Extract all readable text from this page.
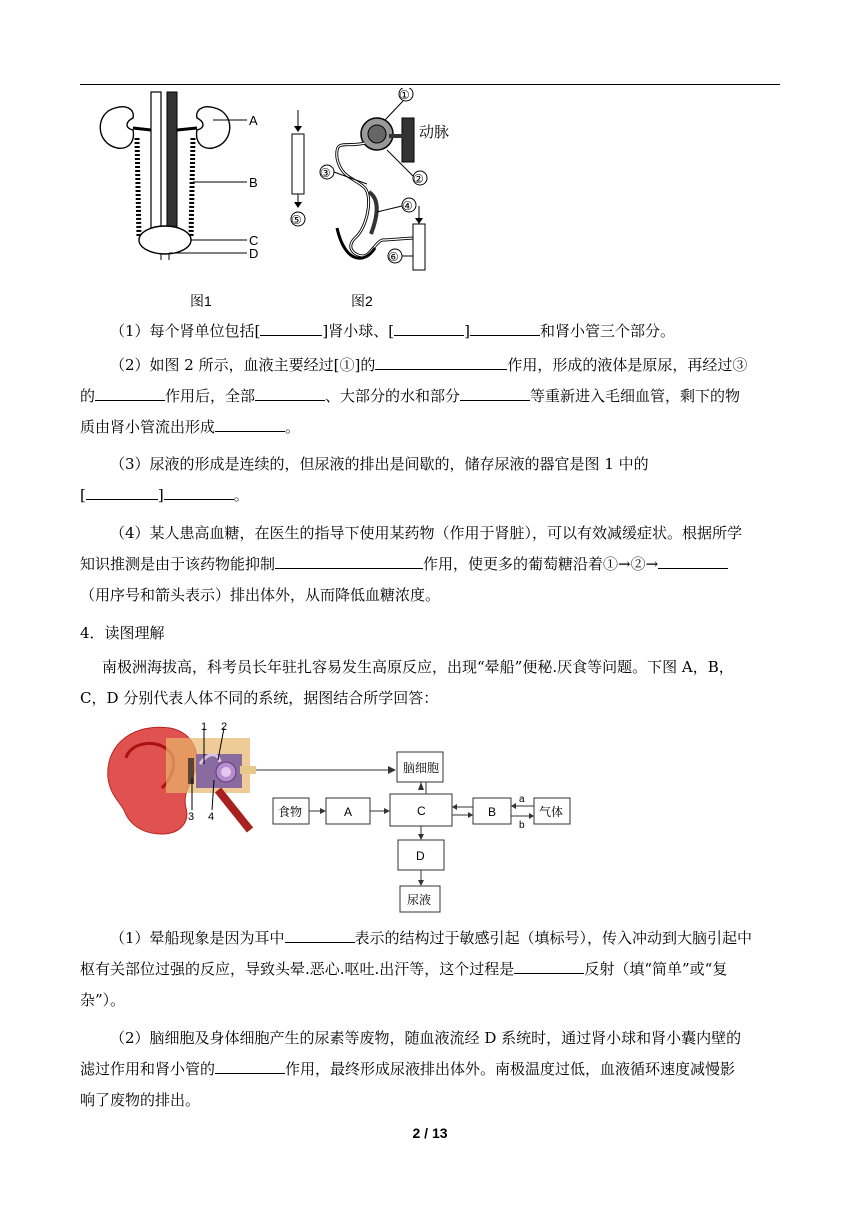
A
B
C
D
图1
⑤
动脉
①
②
③
④
⑥
图2
（1）每个肾单位包括[	]肾小球、[	]	和肾小管三个部分。
（2）如图 2 所示，血液主要经过[①]的	作用，形成的液体是原尿，再经过③
的	作用后，全部	、大部分的水和部分	等重新进入毛细血管，剩下的物
质由肾小管流出形成	。
（3）尿液的形成是连续的，但尿液的排出是间歇的，储存尿液的器官是图 1 中的
[	]	。
（4）某人患高血糖，在医生的指导下使用某药物（作用于肾脏），可以有效减缓症状。根据所学
知识推测是由于该药物能抑制	作用，使更多的葡萄糖沿着①→②→
（用序号和箭头表示）排出体外，从而降低血糖浓度。
4．读图理解
南极洲海拔高，科考员长年驻扎容易发生高原反应，出现“晕船”便秘.厌食等问题。下图 A，B，
C，D 分别代表人体不同的系统，据图结合所学回答：
1 2
3 4
脑细胞
食物	A	C	B	气体
D
尿液
a
b
（1）晕船现象是因为耳中	表示的结构过于敏感引起（填标号），传入冲动到大脑引起中
枢有关部位过强的反应，导致头晕.恶心.呕吐.出汗等，这个过程是	反射（填“简单”或“复
杂”）。
（2）脑细胞及身体细胞产生的尿素等废物，随血液流经 D 系统时，通过肾小球和肾小囊内壁的
滤过作用和肾小管的	作用，最终形成尿液排出体外。南极温度过低，血液循环速度减慢影
响了废物的排出。
2 / 13
